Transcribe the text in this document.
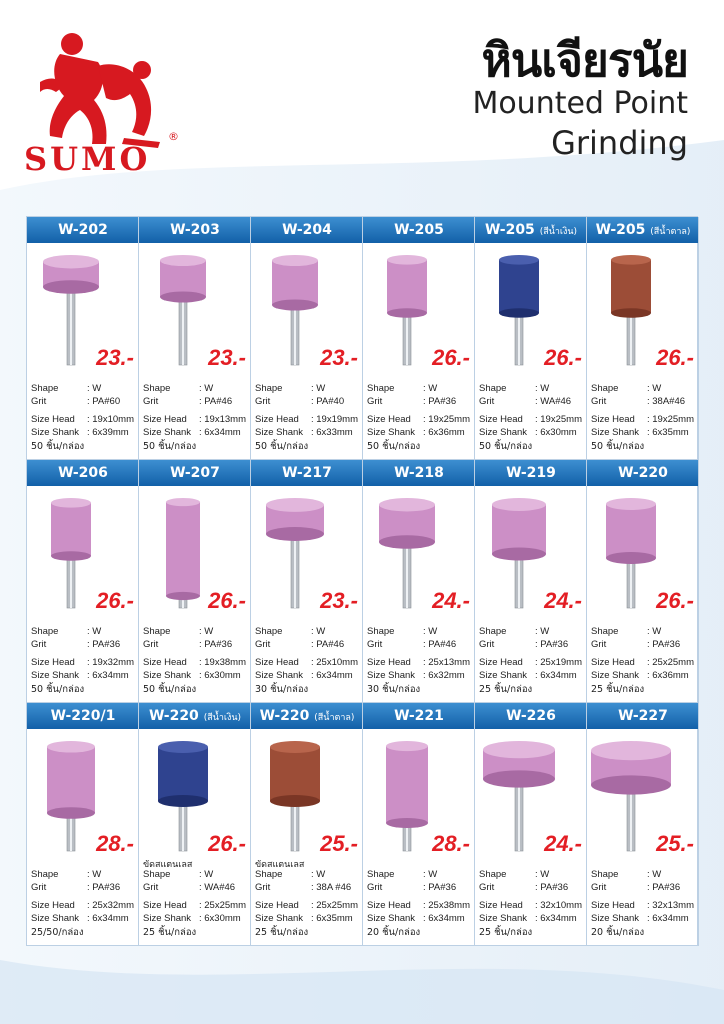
SUMO
®
หินเจียรนัย
Mounted Point
Grinding
W-202
23.-
Shape	: W
Grit	: PA#60
Size Head : 19x10mm
Size Shank : 6x39mm
50 ชิ้น/กล่อง
W-203
23.-
Shape	: W
Grit	: PA#46
Size Head : 19x13mm
Size Shank : 6x34mm
50 ชิ้น/กล่อง
W-204
23.-
Shape	: W
Grit	: PA#40
Size Head : 19x19mm
Size Shank : 6x33mm
50 ชิ้น/กล่อง
W-205
26.-
Shape	: W
Grit	: PA#36
Size Head : 19x25mm
Size Shank : 6x36mm
50 ชิ้น/กล่อง
W-205 (สีน้ำเงิน)
26.-
Shape	: W
Grit	: WA#46
Size Head : 19x25mm
Size Shank : 6x30mm
50 ชิ้น/กล่อง
W-205 (สีน้ำตาล)
26.-
Shape	: W
Grit	: 38A#46
Size Head : 19x25mm
Size Shank : 6x35mm
50 ชิ้น/กล่อง
W-206
26.-
Shape	: W
Grit	: PA#36
Size Head : 19x32mm
Size Shank : 6x34mm
50 ชิ้น/กล่อง
W-207
26.-
Shape	: W
Grit	: PA#36
Size Head : 19x38mm
Size Shank : 6x30mm
50 ชิ้น/กล่อง
W-217
23.-
Shape	: W
Grit	: PA#46
Size Head : 25x10mm
Size Shank : 6x34mm
30 ชิ้น/กล่อง
W-218
24.-
Shape	: W
Grit	: PA#46
Size Head : 25x13mm
Size Shank : 6x32mm
30 ชิ้น/กล่อง
W-219
24.-
Shape	: W
Grit	: PA#36
Size Head : 25x19mm
Size Shank : 6x34mm
25 ชิ้น/กล่อง
W-220
26.-
Shape	: W
Grit	: PA#36
Size Head : 25x25mm
Size Shank : 6x36mm
25 ชิ้น/กล่อง
W-220/1
28.-
Shape	: W
Grit	: PA#36
Size Head : 25x32mm
Size Shank : 6x34mm
25/50/กล่อง
W-220 (สีน้ำเงิน)
26.-
ขัดสแตนเลส
Shape	: W
Grit	: WA#46
Size Head : 25x25mm
Size Shank : 6x30mm
25 ชิ้น/กล่อง
W-220 (สีน้ำตาล)
25.-
ขัดสแตนเลส
Shape	: W
Grit	: 38A #46
Size Head : 25x25mm
Size Shank : 6x35mm
25 ชิ้น/กล่อง
W-221
28.-
Shape	: W
Grit	: PA#36
Size Head : 25x38mm
Size Shank : 6x34mm
20 ชิ้น/กล่อง
W-226
24.-
Shape	: W
Grit	: PA#36
Size Head : 32x10mm
Size Shank : 6x34mm
25 ชิ้น/กล่อง
W-227
25.-
Shape	: W
Grit	: PA#36
Size Head : 32x13mm
Size Shank : 6x34mm
20 ชิ้น/กล่อง
